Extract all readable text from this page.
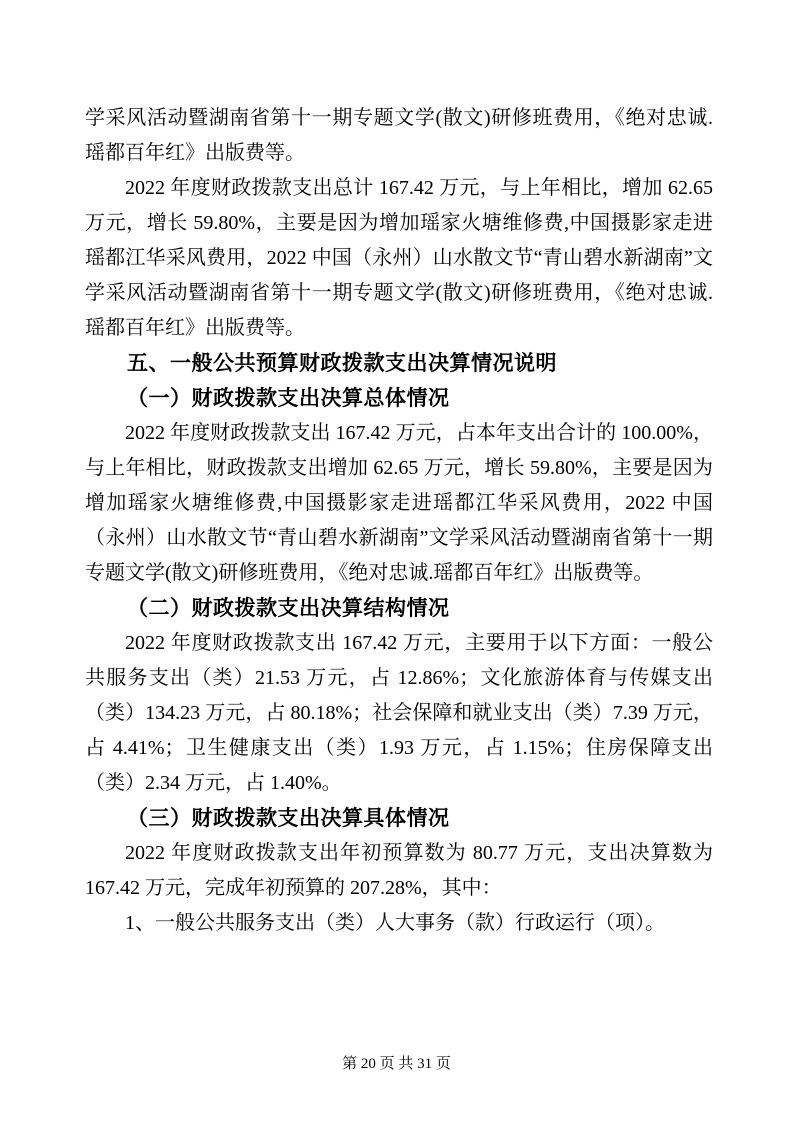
学采风活动暨湖南省第十一期专题文学(散文)研修班费用，《绝对忠诚.瑶都百年红》出版费等。

2022 年度财政拨款支出总计 167.42 万元，与上年相比，增加 62.65 万元，增长 59.80%，主要是因为增加瑶家火塘维修费,中国摄影家走进瑶都江华采风费用，2022 中国（永州）山水散文节“青山碧水新湖南”文学采风活动暨湖南省第十一期专题文学(散文)研修班费用，《绝对忠诚.瑶都百年红》出版费等。

五、一般公共预算财政拨款支出决算情况说明

（一）财政拨款支出决算总体情况

2022 年度财政拨款支出 167.42 万元，占本年支出合计的 100.00%，与上年相比，财政拨款支出增加 62.65 万元，增长 59.80%，主要是因为增加瑶家火塘维修费,中国摄影家走进瑶都江华采风费用，2022 中国（永州）山水散文节“青山碧水新湖南”文学采风活动暨湖南省第十一期专题文学(散文)研修班费用，《绝对忠诚.瑶都百年红》出版费等。

（二）财政拨款支出决算结构情况

2022 年度财政拨款支出 167.42 万元，主要用于以下方面：一般公共服务支出（类）21.53 万元，占 12.86%；文化旅游体育与传媒支出（类）134.23 万元，占 80.18%；社会保障和就业支出（类）7.39 万元，占 4.41%；卫生健康支出（类）1.93 万元，占 1.15%；住房保障支出（类）2.34 万元，占 1.40%。

（三）财政拨款支出决算具体情况

2022 年度财政拨款支出年初预算数为 80.77 万元，支出决算数为 167.42 万元，完成年初预算的 207.28%，其中：

1、一般公共服务支出（类）人大事务（款）行政运行（项）。

第 20 页 共 31 页
